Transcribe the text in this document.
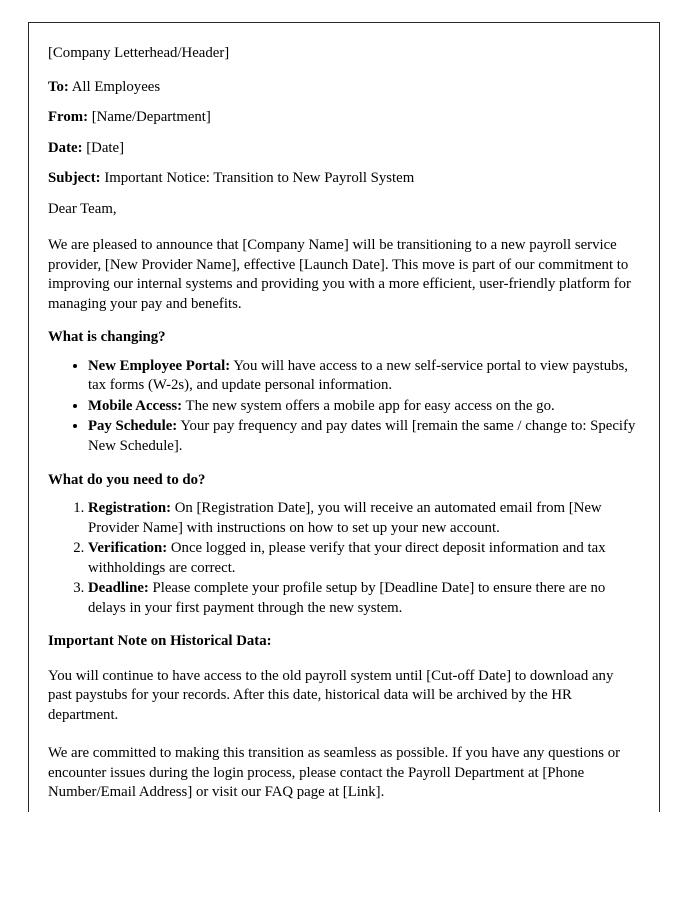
[Company Letterhead/Header]

To: All Employees

From: [Name/Department]

Date: [Date]

Subject: Important Notice: Transition to New Payroll System

Dear Team,

We are pleased to announce that [Company Name] will be transitioning to a new payroll service provider, [New Provider Name], effective [Launch Date]. This move is part of our commitment to improving our internal systems and providing you with a more efficient, user-friendly platform for managing your pay and benefits.

What is changing?

• New Employee Portal: You will have access to a new self-service portal to view paystubs, tax forms (W-2s), and update personal information.
• Mobile Access: The new system offers a mobile app for easy access on the go.
• Pay Schedule: Your pay frequency and pay dates will [remain the same / change to: Specify New Schedule].

What do you need to do?

1. Registration: On [Registration Date], you will receive an automated email from [New Provider Name] with instructions on how to set up your new account.
2. Verification: Once logged in, please verify that your direct deposit information and tax withholdings are correct.
3. Deadline: Please complete your profile setup by [Deadline Date] to ensure there are no delays in your first payment through the new system.

Important Note on Historical Data:

You will continue to have access to the old payroll system until [Cut-off Date] to download any past paystubs for your records. After this date, historical data will be archived by the HR department.

We are committed to making this transition as seamless as possible. If you have any questions or encounter issues during the login process, please contact the Payroll Department at [Phone Number/Email Address] or visit our FAQ page at [Link].
